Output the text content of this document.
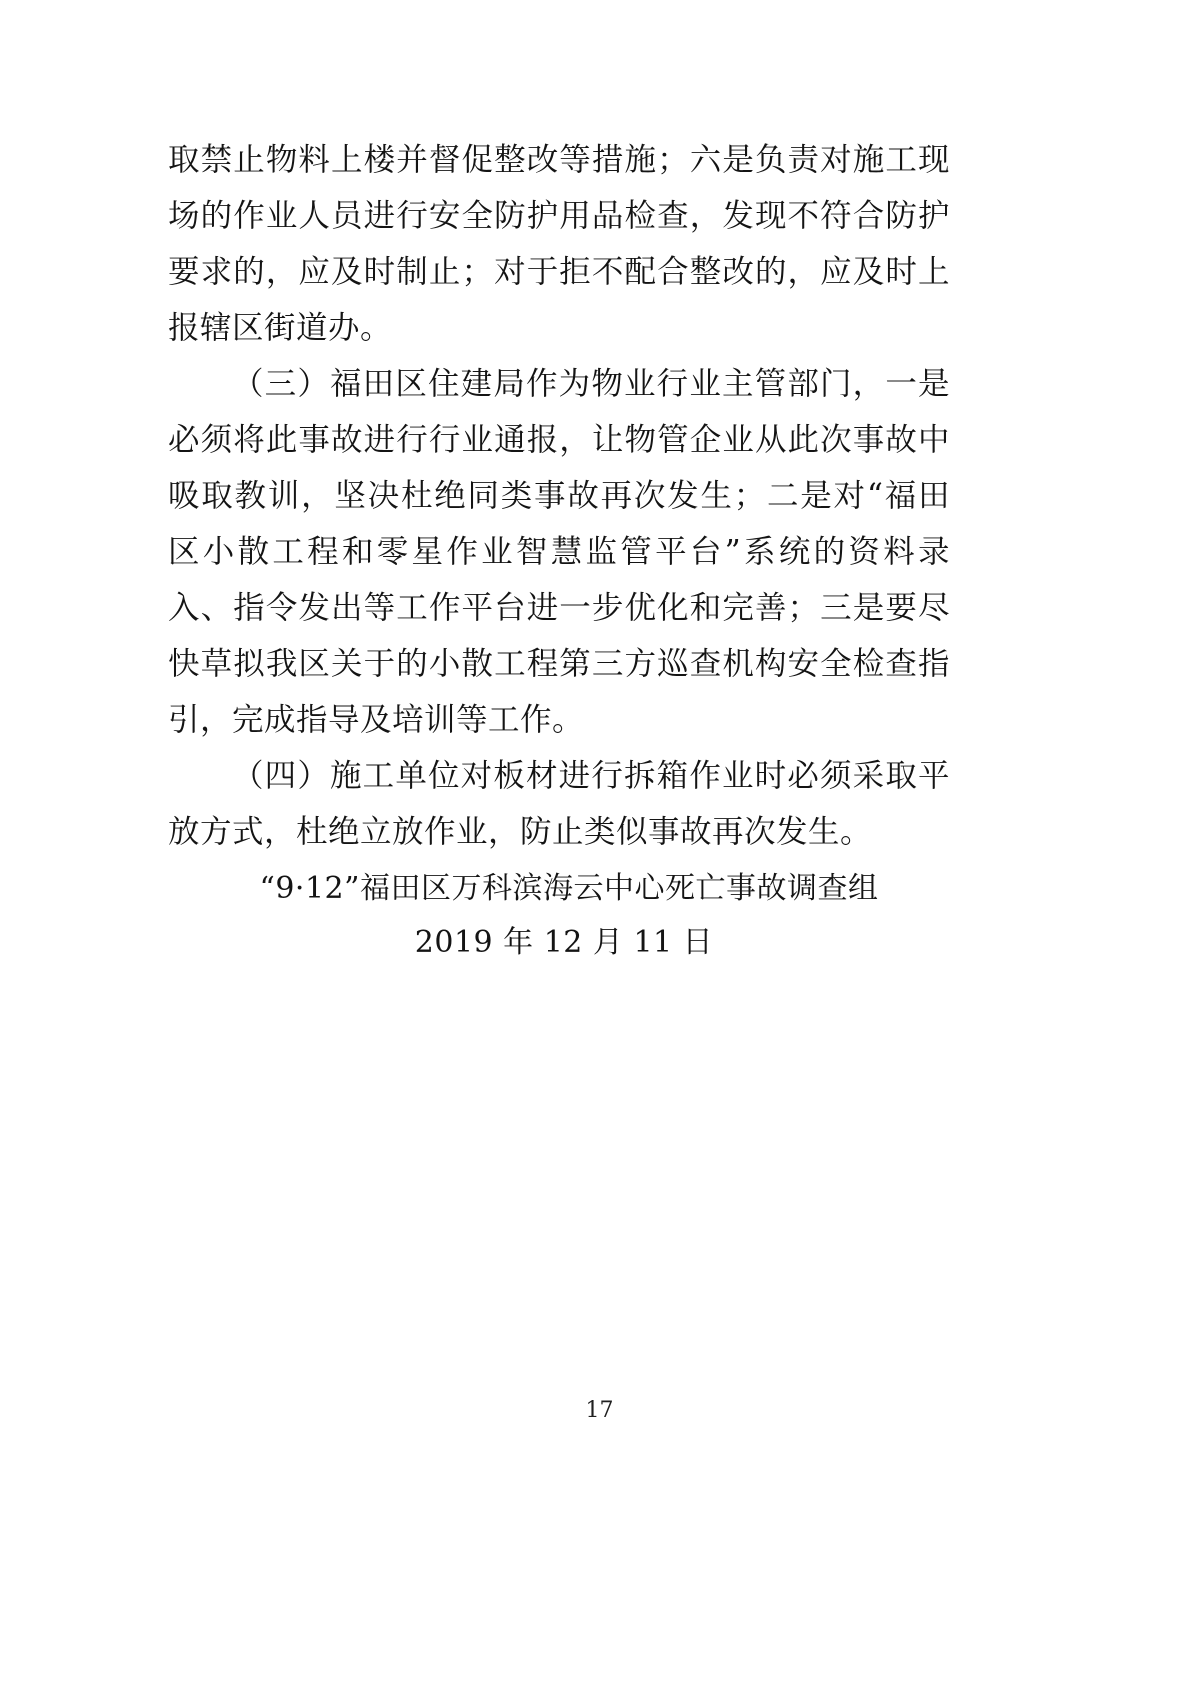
取禁止物料上楼并督促整改等措施；六是负责对施工现场的作业人员进行安全防护用品检查，发现不符合防护要求的，应及时制止；对于拒不配合整改的，应及时上报辖区街道办。

（三）福田区住建局作为物业行业主管部门，一是必须将此事故进行行业通报，让物管企业从此次事故中吸取教训，坚决杜绝同类事故再次发生；二是对“福田区小散工程和零星作业智慧监管平台”系统的资料录入、指令发出等工作平台进一步优化和完善；三是要尽快草拟我区关于的小散工程第三方巡查机构安全检查指引，完成指导及培训等工作。

（四）施工单位对板材进行拆箱作业时必须采取平放方式，杜绝立放作业，防止类似事故再次发生。

“9·12”福田区万科滨海云中心死亡事故调查组
2019 年 12 月 11 日
17
